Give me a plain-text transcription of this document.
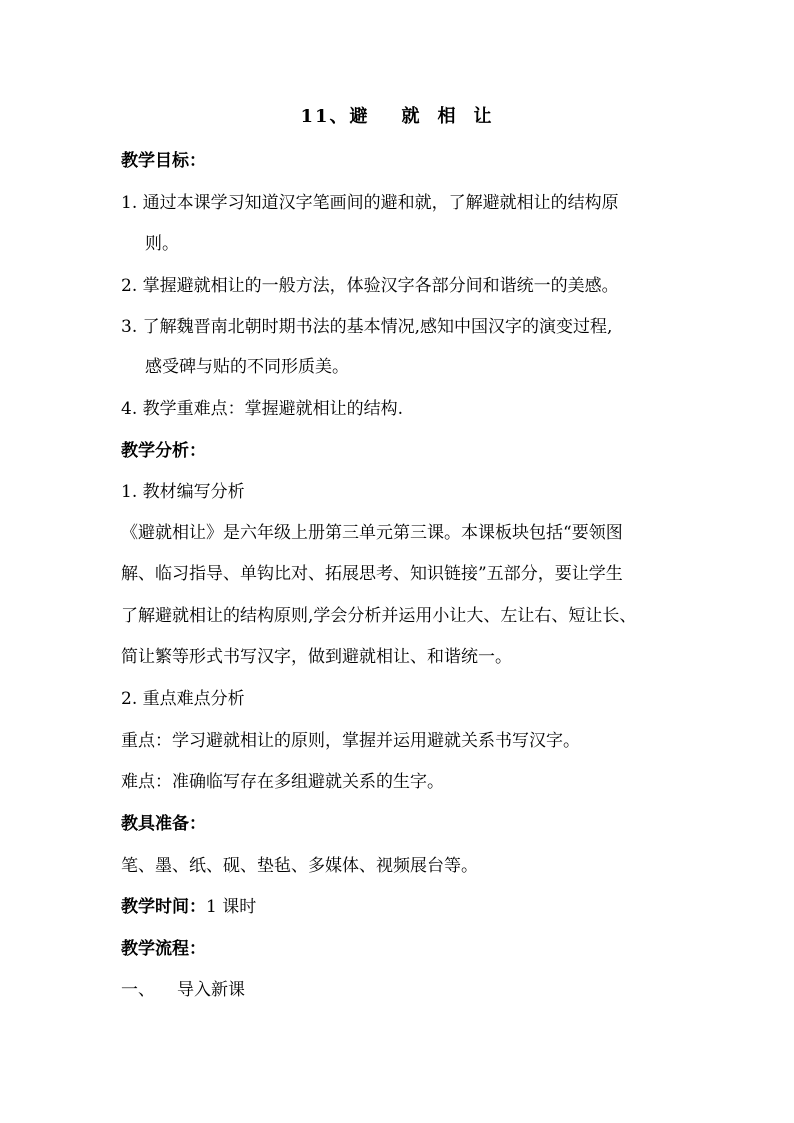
11、避 就 相 让

教学目标：

1. 通过本课学习知道汉字笔画间的避和就，了解避就相让的结构原

则。

2. 掌握避就相让的一般方法，体验汉字各部分间和谐统一的美感。

3. 了解魏晋南北朝时期书法的基本情况,感知中国汉字的演变过程,

感受碑与贴的不同形质美。

4. 教学重难点：掌握避就相让的结构.

教学分析：

1. 教材编写分析

《避就相让》是六年级上册第三单元第三课。本课板块包括“要领图

解、临习指导、单钩比对、拓展思考、知识链接”五部分，要让学生

了解避就相让的结构原则,学会分析并运用小让大、左让右、短让长、

简让繁等形式书写汉字，做到避就相让、和谐统一。

2. 重点难点分析

重点：学习避就相让的原则，掌握并运用避就关系书写汉字。

难点：准确临写存在多组避就关系的生字。

教具准备：

笔、墨、纸、砚、垫毡、多媒体、视频展台等。

教学时间：1 课时

教学流程：

一、 导入新课
